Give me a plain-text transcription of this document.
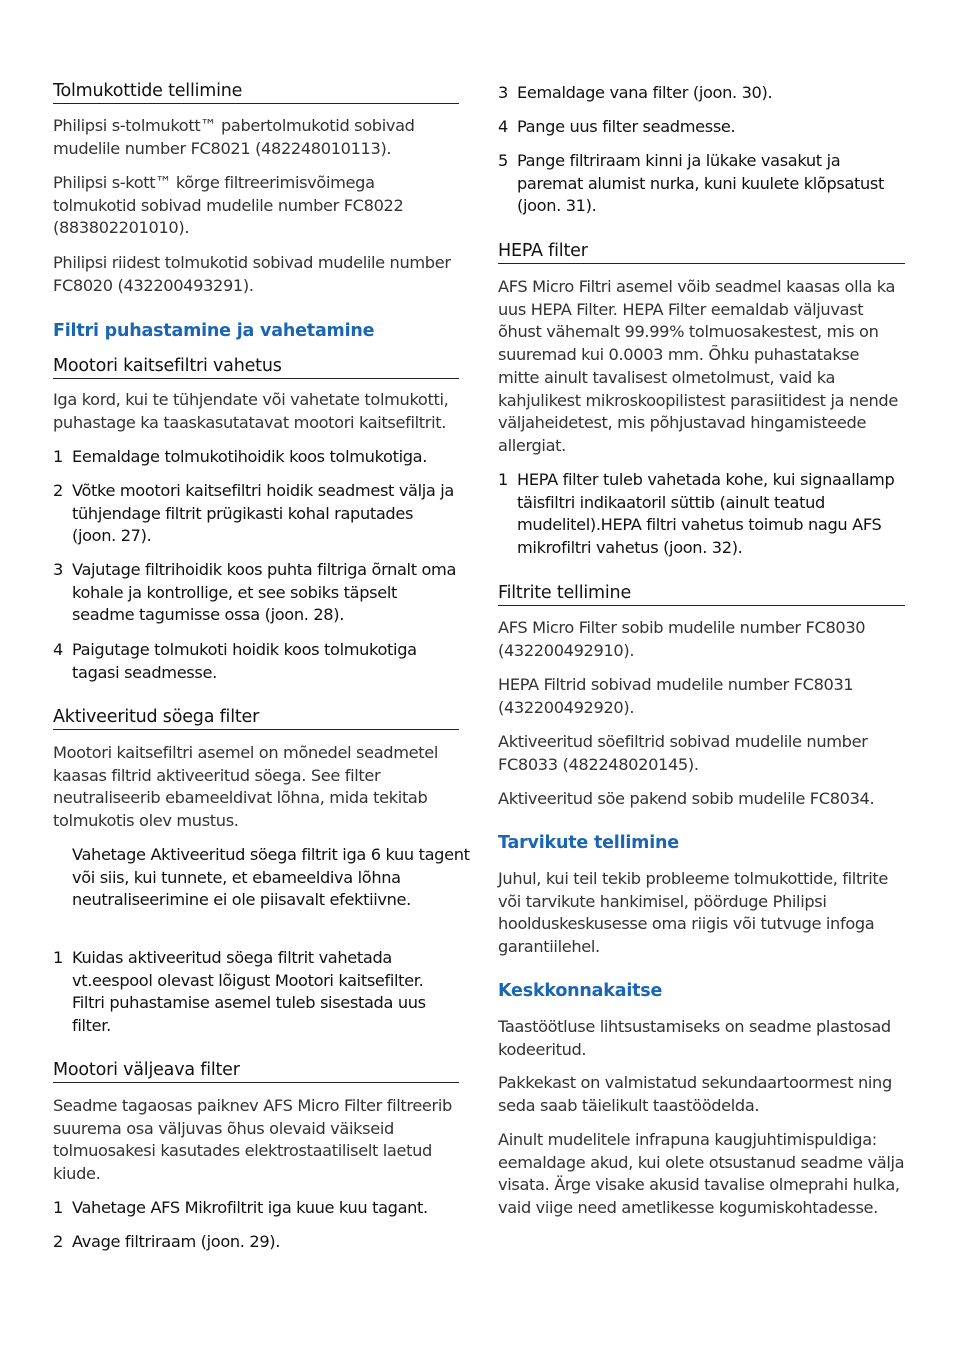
Tolmukottide tellimine
Philipsi s-tolmukott™ pabertolmukotid sobivad mudelile number FC8021 (482248010113).
Philipsi s-kott™ kõrge filtreerimisvõimega tolmukotid sobivad mudelile number FC8022 (883802201010).
Philipsi riidest tolmukotid sobivad mudelile number FC8020 (432200493291).
Filtri puhastamine ja vahetamine
Mootori kaitsefiltri vahetus
Iga kord, kui te tühjendate või vahetate tolmukotti, puhastage ka taaskasutatavat mootori kaitsefiltrit.
1 Eemaldage tolmukotihoidik koos tolmukotiga.
2 Võtke mootori kaitsefiltri hoidik seadmest välja ja tühjendage filtrit prügikasti kohal raputades (joon. 27).
3 Vajutage filtrihoidik koos puhta filtriga õrnalt oma kohale ja kontrollige, et see sobiks täpselt seadme tagumisse ossa (joon. 28).
4 Paigutage tolmukoti hoidik koos tolmukotiga tagasi seadmesse.
Aktiveeritud söega filter
Mootori kaitsefiltri asemel on mõnedel seadmetel kaasas filtrid aktiveeritud söega. See filter neutraliseerib ebameeldivat lõhna, mida tekitab tolmukotis olev mustus.
Vahetage Aktiveeritud söega filtrit iga 6 kuu tagent või siis, kui tunnete, et ebameeldiva lõhna neutraliseerimine ei ole piisavalt efektiivne.
1 Kuidas aktiveeritud söega filtrit vahetada vt.eespool olevast lõigust Mootori kaitsefilter. Filtri puhastamise asemel tuleb sisestada uus filter.
Mootori väljeava filter
Seadme tagaosas paiknev AFS Micro Filter filtreerib suurema osa väljuvas õhus olevaid väikseid tolmuosakesi kasutades elektrostaatiliselt laetud kiude.
1 Vahetage AFS Mikrofiltrit iga kuue kuu tagant.
2 Avage filtriraam (joon. 29).
3 Eemaldage vana filter (joon. 30).
4 Pange uus filter seadmesse.
5 Pange filtriraam kinni ja lükake vasakut ja paremat alumist nurka, kuni kuulete klõpsatust (joon. 31).
HEPA filter
AFS Micro Filtri asemel võib seadmel kaasas olla ka uus HEPA Filter. HEPA Filter eemaldab väljuvast õhust vähemalt 99.99% tolmuosakestest, mis on suuremad kui 0.0003 mm. Õhku puhastatakse mitte ainult tavalisest olmetolmust, vaid ka kahjulikest mikroskoopilistest parasiitidest ja nende väljaheidetest, mis põhjustavad hingamisteede allergiat.
1 HEPA filter tuleb vahetada kohe, kui signaallamp täisfiltri indikaatoril süttib (ainult teatud mudelitel).HEPA filtri vahetus toimub nagu AFS mikrofiltri vahetus (joon. 32).
Filtrite tellimine
AFS Micro Filter sobib mudelile number FC8030 (432200492910).
HEPA Filtrid sobivad mudelile number FC8031 (432200492920).
Aktiveeritud söefiltrid sobivad mudelile number FC8033 (482248020145).
Aktiveeritud söe pakend sobib mudelile FC8034.
Tarvikute tellimine
Juhul, kui teil tekib probleeme tolmukottide, filtrite või tarvikute hankimisel, pöörduge Philipsi hoolduskeskusesse oma riigis või tutvuge infoga garantiilehel.
Keskkonnakaitse
Taastöötluse lihtsustamiseks on seadme plastosad kodeeritud.
Pakkekast on valmistatud sekundaartoormest ning seda saab täielikult taastöödelda.
Ainult mudelitele infrapuna kaugjuhtimispuldiga: eemaldage akud, kui olete otsustanud seadme välja visata. Ärge visake akusid tavalise olmeprahi hulka, vaid viige need ametlikesse kogumiskohtadesse.
